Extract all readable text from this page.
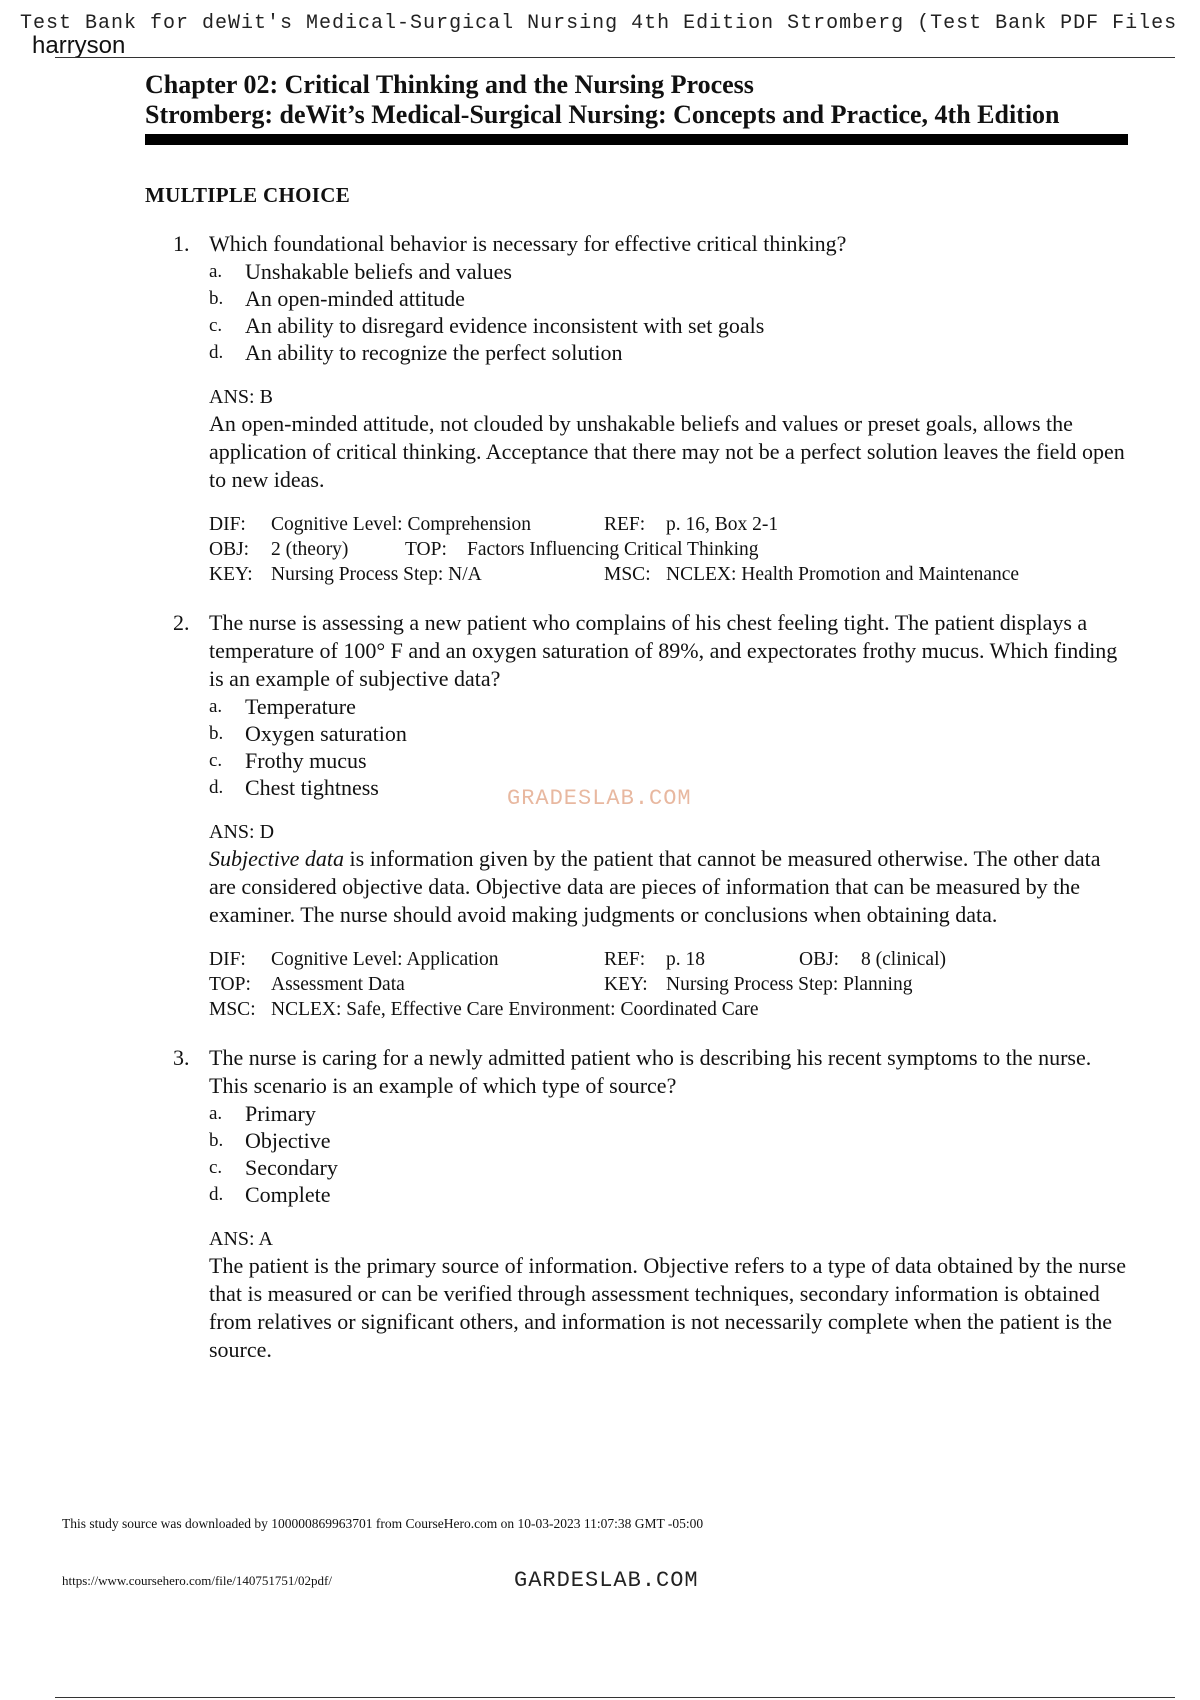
Test Bank for deWit's Medical-Surgical Nursing 4th Edition Stromberg (Test Bank PDF Files
harryson
Chapter 02: Critical Thinking and the Nursing Process
Stromberg: deWit’s Medical-Surgical Nursing: Concepts and Practice, 4th Edition
MULTIPLE CHOICE
1. Which foundational behavior is necessary for effective critical thinking?
a.	Unshakable beliefs and values
b. An open-minded attitude
c.	An ability to disregard evidence inconsistent with set goals
d. An ability to recognize the perfect solution
ANS: B
An open-minded attitude, not clouded by unshakable beliefs and values or preset goals, allows the application of critical thinking. Acceptance that there may not be a perfect solution leaves the field open to new ideas.
DIF: Cognitive Level: Comprehension	REF: p. 16, Box 2-1
OBJ: 2 (theory)	TOP: Factors Influencing Critical Thinking
KEY: Nursing Process Step: N/A	MSC: NCLEX: Health Promotion and Maintenance
2. The nurse is assessing a new patient who complains of his chest feeling tight. The patient displays a temperature of 100° F and an oxygen saturation of 89%, and expectorates frothy mucus. Which finding is an example of subjective data?
a.	Temperature
b. Oxygen saturation
c.	Frothy mucus
d. Chest tightness
ANS: D
Subjective data is information given by the patient that cannot be measured otherwise. The other data are considered objective data. Objective data are pieces of information that can be measured by the examiner. The nurse should avoid making judgments or conclusions when obtaining data.
DIF: Cognitive Level: Application	REF: p. 18	OBJ: 8 (clinical)
TOP: Assessment Data	KEY: Nursing Process Step: Planning
MSC: NCLEX: Safe, Effective Care Environment: Coordinated Care
3. The nurse is caring for a newly admitted patient who is describing his recent symptoms to the nurse. This scenario is an example of which type of source?
a.	Primary
b. Objective
c.	Secondary
d. Complete
ANS: A
The patient is the primary source of information. Objective refers to a type of data obtained by the nurse that is measured or can be verified through assessment techniques, secondary information is obtained from relatives or significant others, and information is not necessarily complete when the patient is the source.
GRADESLAB.COM
This study source was downloaded by 100000869963701 from CourseHero.com on 10-03-2023 11:07:38 GMT -05:00
https://www.coursehero.com/file/140751751/02pdf/	GARDESLAB.COM
